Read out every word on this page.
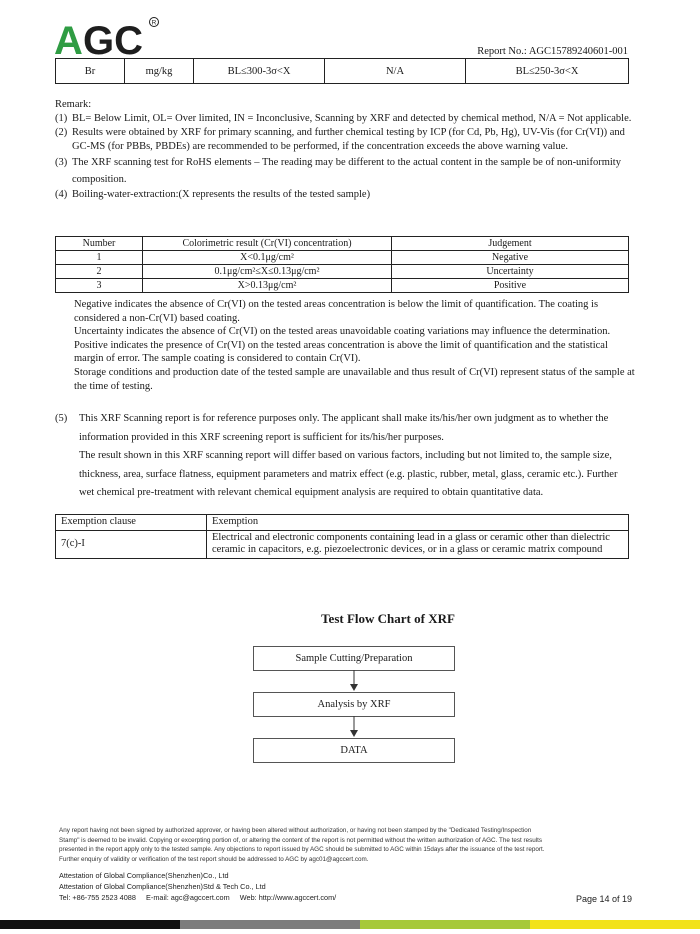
A GC R
Report No.: AGC15789240601-001
Br	mg/kg	BL≤300-3σ<X	N/A	BL≤250-3σ<X

Remark:

(1) BL= Below Limit, OL= Over limited, IN = Inconclusive, Scanning by XRF and detected by chemical method, N/A = Not applicable.

(2) Results were obtained by XRF for primary scanning, and further chemical testing by ICP (for Cd, Pb, Hg), UV-Vis (for Cr(VI)) and GC-MS (for PBBs, PBDEs) are recommended to be performed, if the concentration exceeds the above warning value.

(3) The XRF scanning test for RoHS elements – The reading may be different to the actual content in the sample be of non-uniformity composition.

(4) Boiling-water-extraction:(X represents the results of the tested sample)

Number	Colorimetric result (Cr(VI) concentration)	Judgement
1	X<0.1μg/cm²	Negative
2	0.1μg/cm²≤X≤0.13μg/cm²	Uncertainty
3	X>0.13μg/cm²	Positive

Negative indicates the absence of Cr(VI) on the tested areas concentration is below the limit of quantification. The coating is considered a non-Cr(VI) based coating.

Uncertainty indicates the absence of Cr(VI) on the tested areas unavoidable coating variations may influence the determination.

Positive indicates the presence of Cr(VI) on the tested areas concentration is above the limit of quantification and the statistical margin of error. The sample coating is considered to contain Cr(VI).

Storage conditions and production date of the tested sample are unavailable and thus result of Cr(VI) represent status of the sample at the time of testing.

(5) This XRF Scanning report is for reference purposes only. The applicant shall make its/his/her own judgment as to whether the information provided in this XRF screening report is sufficient for its/his/her purposes.

The result shown in this XRF scanning report will differ based on various factors, including but not limited to, the sample size, thickness, area, surface flatness, equipment parameters and matrix effect (e.g. plastic, rubber, metal, glass, ceramic etc.). Further wet chemical pre-treatment with relevant chemical equipment analysis are required to obtain quantitative data.

Exemption clause	Exemption
7(c)-I	Electrical and electronic components containing lead in a glass or ceramic other than dielectric ceramic in capacitors, e.g. piezoelectronic devices, or in a glass or ceramic matrix compound
Test Flow Chart of XRF
Sample Cutting/Preparation
Analysis by XRF
DATA

Any report having not been signed by authorized approver, or having been altered without authorization, or having not been stamped by the "Dedicated Testing/Inspection

Stamp" is deemed to be invalid. Copying or excerpting portion of, or altering the content of the report is not permitted without the written authorization of AGC. The test results

presented in the report apply only to the tested sample. Any objections to report issued by AGC should be submitted to AGC within 15days after the issuance of the test report.

Further enquiry of validity or verification of the test report should be addressed to AGC by agc01@agccert.com.

Attestation of Global Compliance(Shenzhen)Co., Ltd

Attestation of Global Compliance(Shenzhen)Std & Tech Co., Ltd

Tel: +86-755 2523 4088     E-mail: agc@agccert.com     Web: http://www.agccert.com/	Page 14 of 19
